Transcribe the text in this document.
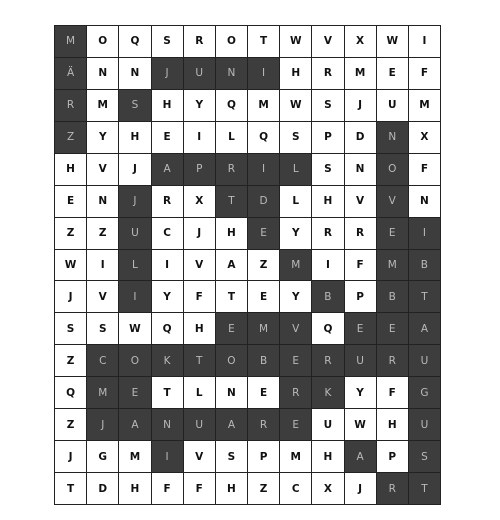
M	O	Q	S	R	O	T	W	V	X	W	I
Ä	N	N	J	U	N	I	H	R	M	E	F
R	M	S	H	Y	Q	M	W	S	J	U	M
Z	Y	H	E	I	L	Q	S	P	D	N	X
H	V	J	A	P	R	I	L	S	N	O	F
E	N	J	R	X	T	D	L	H	V	V	N
Z	Z	U	C	J	H	E	Y	R	R	E	I
W	I	L	I	V	A	Z	M	I	F	M	B
J	V	I	Y	F	T	E	Y	B	P	B	T
S	S	W	Q	H	E	M	V	Q	E	E	A
Z	C	O	K	T	O	B	E	R	U	R	U
Q	M	E	T	L	N	E	R	K	Y	F	G
Z	J	A	N	U	A	R	E	U	W	H	U
J	G	M	I	V	S	P	M	H	A	P	S
T	D	H	F	F	H	Z	C	X	J	R	T
